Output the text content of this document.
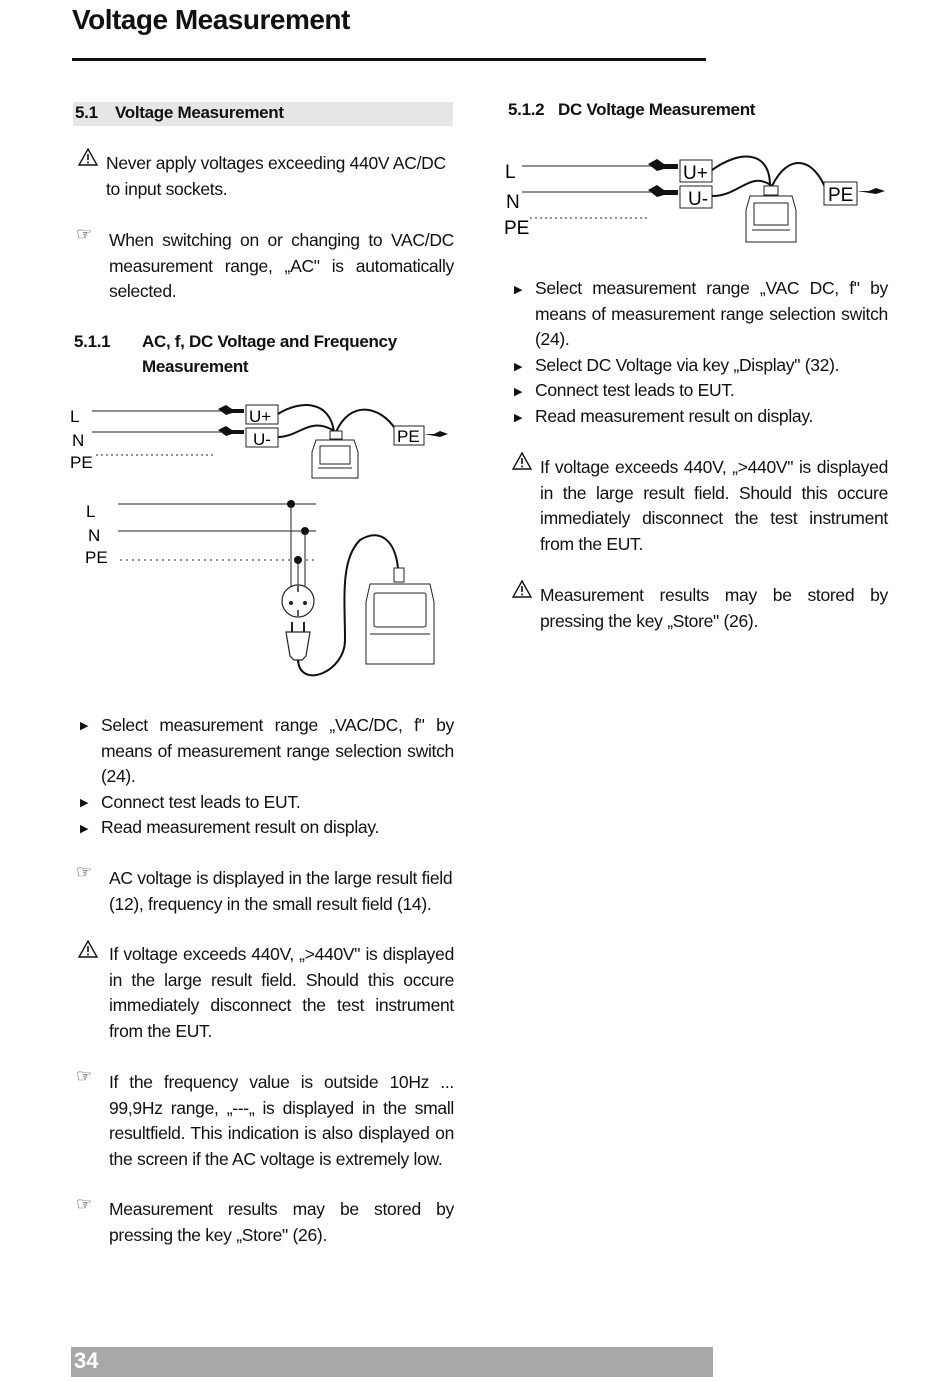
Voltage Measurement
5.1 Voltage Measurement
Never apply voltages exceeding 440V AC/DC to input sockets.
☞ When switching on or changing to VAC/DC measurement range, „AC" is automatically selected.
5.1.1 AC, f, DC Voltage and Frequency
Measurement
L
N
PE
U+
U-	PE
L
N
PE
▶ Select measurement range „VAC/DC, f" by means of measurement range selection switch (24).
▶ Connect test leads to EUT.
▶ Read measurement result on display.
☞ AC voltage is displayed in the large result field (12), frequency in the small result field (14).
If voltage exceeds 440V, „>440V" is displayed in the large result field. Should this occure immediately disconnect the test instrument from the EUT.
☞ If the frequency value is outside 10Hz ... 99,9Hz range, „---„ is displayed in the small resultfield. This indication is also displayed on the screen if the AC voltage is extremely low.
☞ Measurement results may be stored by pressing the key „Store" (26).
5.1.2 DC Voltage Measurement
L
N
PE
U+
U-	PE
▶ Select measurement range „VAC DC, f" by means of measurement range selection switch (24).
▶ Select DC Voltage via key „Display" (32).
▶ Connect test leads to EUT.
▶ Read measurement result on display.
If voltage exceeds 440V, „>440V" is displayed in the large result field. Should this occure immediately disconnect the test instrument from the EUT.
Measurement results may be stored by pressing the key „Store" (26).
34
